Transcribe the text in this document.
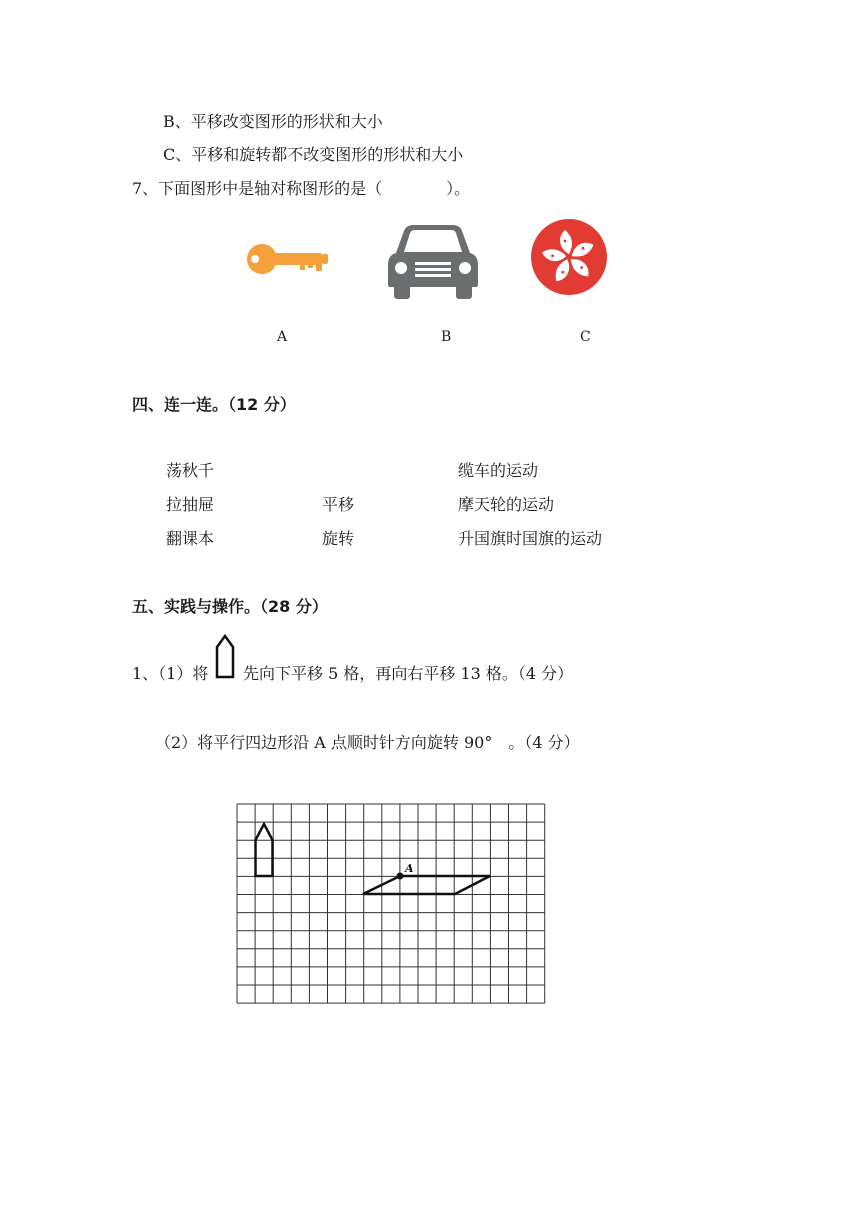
B、平移改变图形的形状和大小
C、平移和旋转都不改变图形的形状和大小
7、下面图形中是轴对称图形的是（　　　　）。
A	B	C
四、连一连。（12 分）
荡秋千
拉抽屉
翻课本
平移
旋转
缆车的运动
摩天轮的运动
升国旗时国旗的运动
五、实践与操作。（28 分）
1、（1）将 先向下平移 5 格，再向右平移 13 格。（4 分）
（2）将平行四边形沿 A 点顺时针方向旋转 90°　。（4 分）
A
